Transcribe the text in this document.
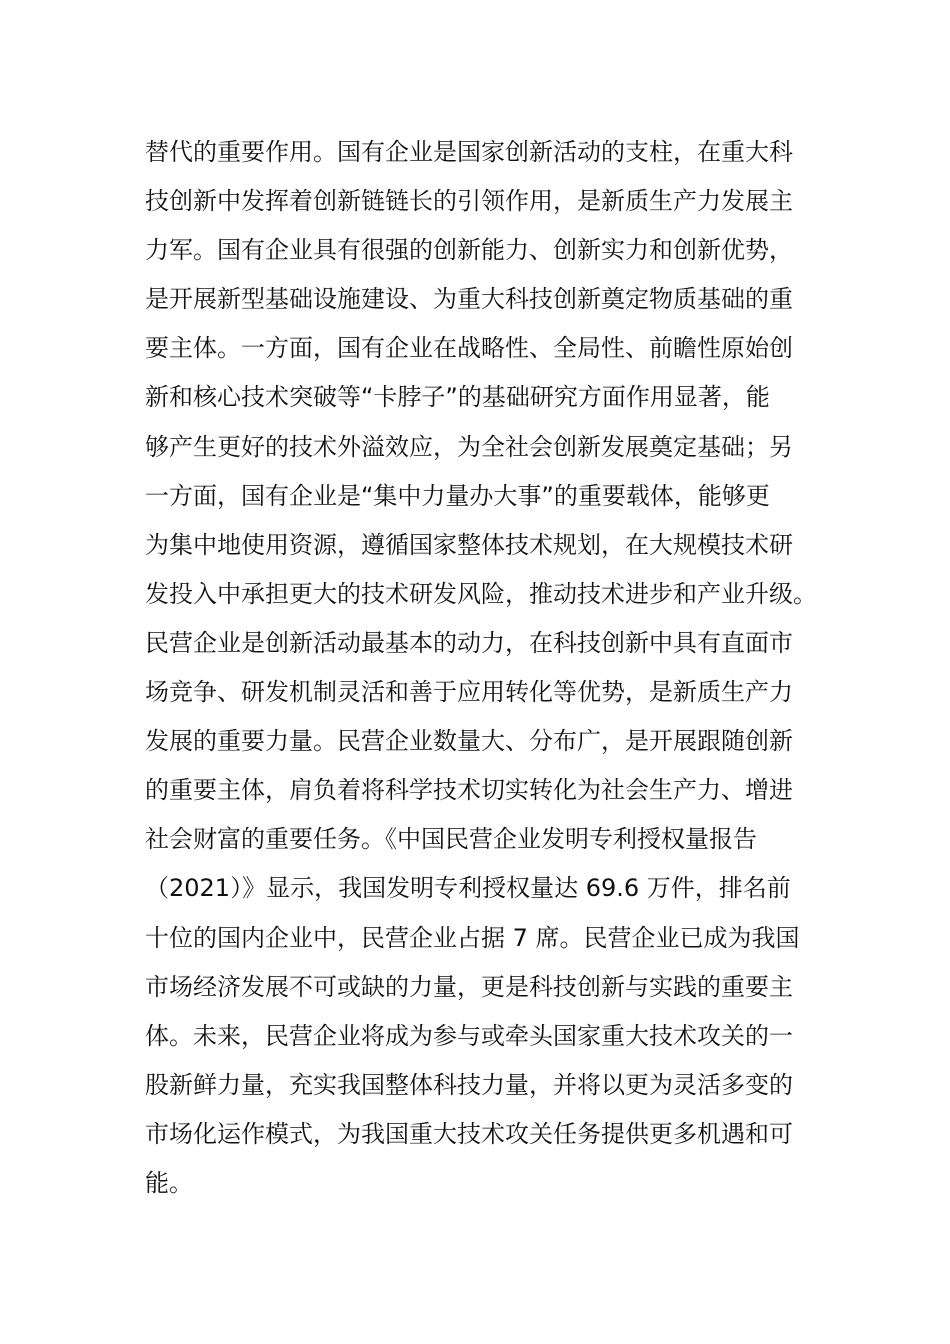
替代的重要作用。国有企业是国家创新活动的支柱，在重大科
技创新中发挥着创新链链长的引领作用，是新质生产力发展主
力军。国有企业具有很强的创新能力、创新实力和创新优势，
是开展新型基础设施建设、为重大科技创新奠定物质基础的重
要主体。一方面，国有企业在战略性、全局性、前瞻性原始创
新和核心技术突破等“卡脖子”的基础研究方面作用显著，能
够产生更好的技术外溢效应，为全社会创新发展奠定基础；另
一方面，国有企业是“集中力量办大事”的重要载体，能够更
为集中地使用资源，遵循国家整体技术规划，在大规模技术研
发投入中承担更大的技术研发风险，推动技术进步和产业升级。
民营企业是创新活动最基本的动力，在科技创新中具有直面市
场竞争、研发机制灵活和善于应用转化等优势，是新质生产力
发展的重要力量。民营企业数量大、分布广，是开展跟随创新
的重要主体，肩负着将科学技术切实转化为社会生产力、增进
社会财富的重要任务。《中国民营企业发明专利授权量报告
（2021）》显示，我国发明专利授权量达 69.6 万件，排名前
十位的国内企业中，民营企业占据 7 席。民营企业已成为我国
市场经济发展不可或缺的力量，更是科技创新与实践的重要主
体。未来，民营企业将成为参与或牵头国家重大技术攻关的一
股新鲜力量，充实我国整体科技力量，并将以更为灵活多变的
市场化运作模式，为我国重大技术攻关任务提供更多机遇和可
能。
